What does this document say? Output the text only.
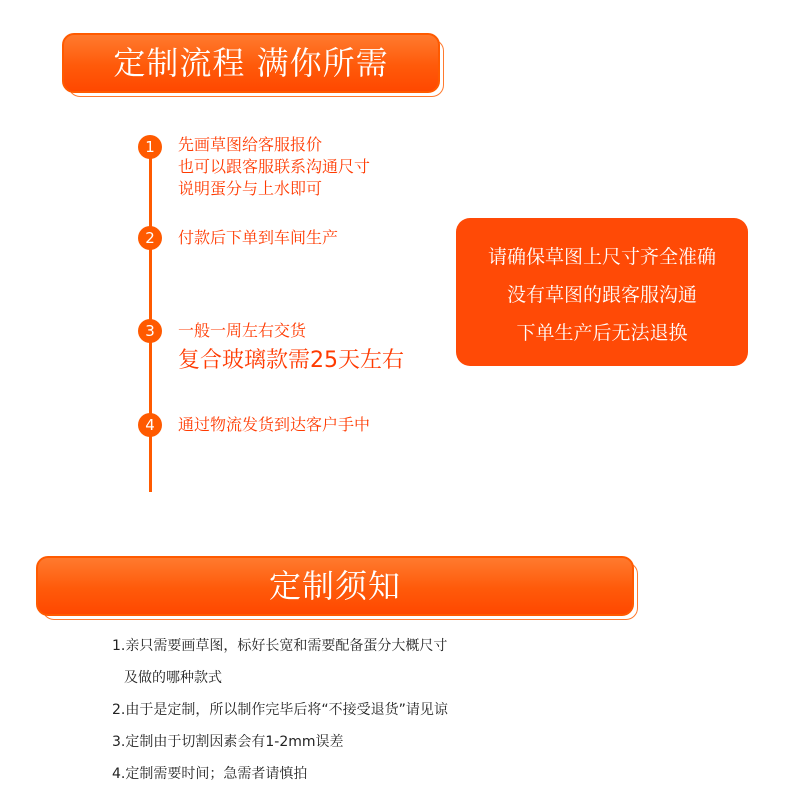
定制流程 满你所需
1	先画草图给客服报价
也可以跟客服联系沟通尺寸
说明蛋分与上水即可
2	付款后下单到车间生产
3	一般一周左右交货
复合玻璃款需25天左右
4	通过物流发货到达客户手中
请确保草图上尺寸齐全准确
没有草图的跟客服沟通
下单生产后无法退换
定制须知
1.亲只需要画草图，标好长宽和需要配备蛋分大概尺寸
及做的哪种款式
2.由于是定制，所以制作完毕后将“不接受退货”请见谅
3.定制由于切割因素会有1-2mm误差
4.定制需要时间；急需者请慎拍
